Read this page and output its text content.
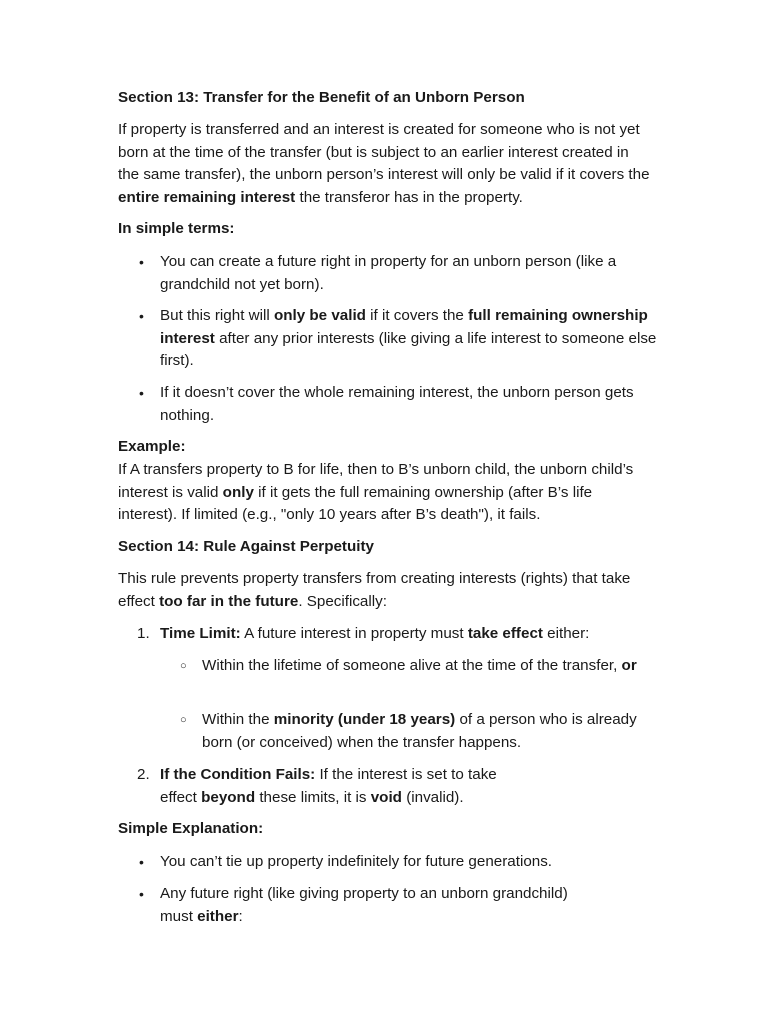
Section 13: Transfer for the Benefit of an Unborn Person

If property is transferred and an interest is created for someone who is not yet born at the time of the transfer (but is subject to an earlier interest created in the same transfer), the unborn person’s interest will only be valid if it covers the entire remaining interest the transferor has in the property.

In simple terms:

• You can create a future right in property for an unborn person (like a grandchild not yet born).

• But this right will only be valid if it covers the full remaining ownership interest after any prior interests (like giving a life interest to someone else first).

• If it doesn’t cover the whole remaining interest, the unborn person gets nothing.

Example:

If A transfers property to B for life, then to B’s unborn child, the unborn child’s interest is valid only if it gets the full remaining ownership (after B’s life interest). If limited (e.g., "only 10 years after B’s death"), it fails.

Section 14: Rule Against Perpetuity

This rule prevents property transfers from creating interests (rights) that take effect too far in the future. Specifically:

1. Time Limit: A future interest in property must take effect either:

○ Within the lifetime of someone alive at the time of the transfer, or

○ Within the minority (under 18 years) of a person who is already born (or conceived) when the transfer happens.

2. If the Condition Fails: If the interest is set to take effect beyond these limits, it is void (invalid).

Simple Explanation:

• You can’t tie up property indefinitely for future generations.

• Any future right (like giving property to an unborn grandchild) must either:
